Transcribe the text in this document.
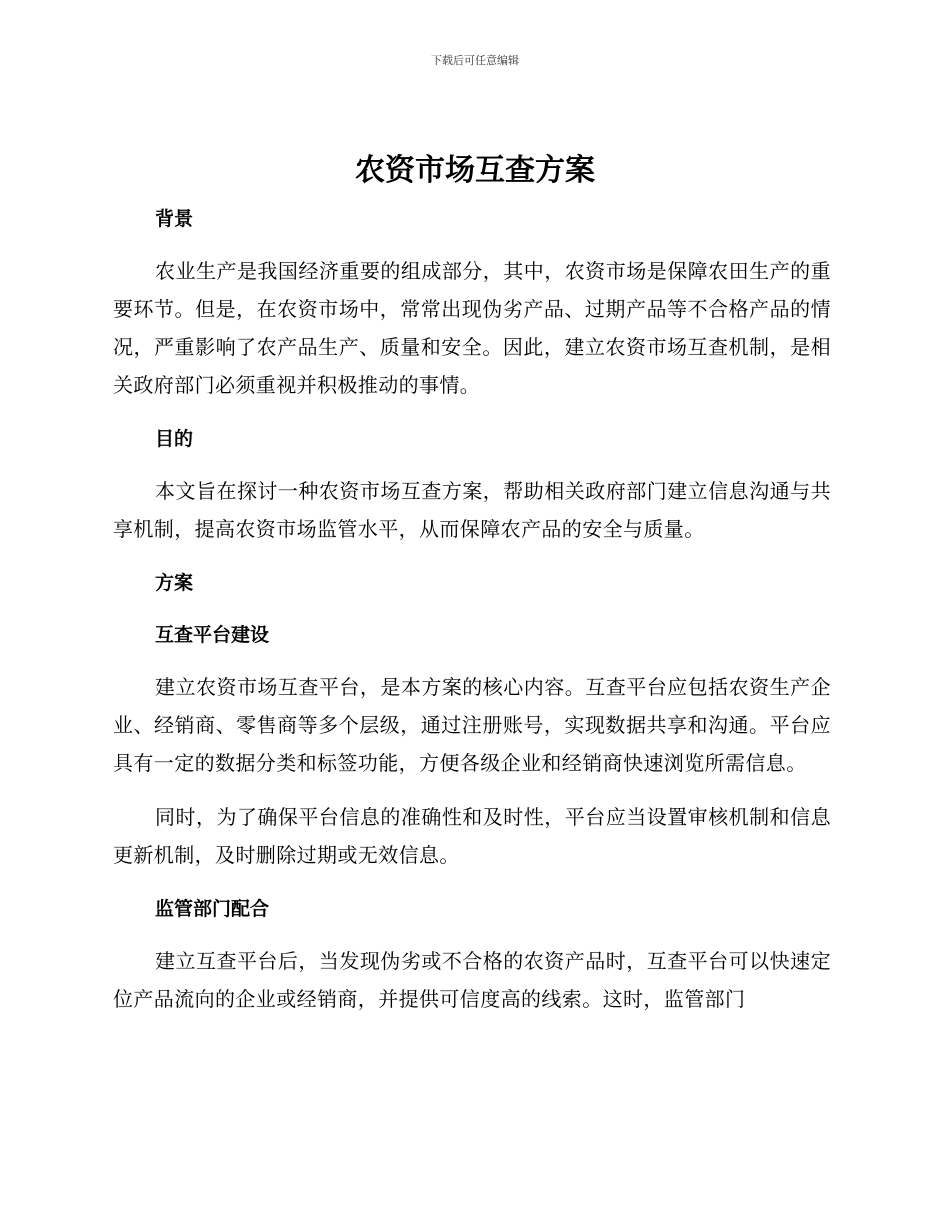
下载后可任意编辑
农资市场互查方案
背景

农业生产是我国经济重要的组成部分，其中，农资市场是保障农田生产的重要环节。但是，在农资市场中，常常出现伪劣产品、过期产品等不合格产品的情况，严重影响了农产品生产、质量和安全。因此，建立农资市场互查机制，是相关政府部门必须重视并积极推动的事情。

目的

本文旨在探讨一种农资市场互查方案，帮助相关政府部门建立信息沟通与共享机制，提高农资市场监管水平，从而保障农产品的安全与质量。

方案
互查平台建设

建立农资市场互查平台，是本方案的核心内容。互查平台应包括农资生产企业、经销商、零售商等多个层级，通过注册账号，实现数据共享和沟通。平台应具有一定的数据分类和标签功能，方便各级企业和经销商快速浏览所需信息。

同时，为了确保平台信息的准确性和及时性，平台应当设置审核机制和信息更新机制，及时删除过期或无效信息。

监管部门配合

建立互查平台后，当发现伪劣或不合格的农资产品时，互查平台可以快速定位产品流向的企业或经销商，并提供可信度高的线索。这时，监管部门
